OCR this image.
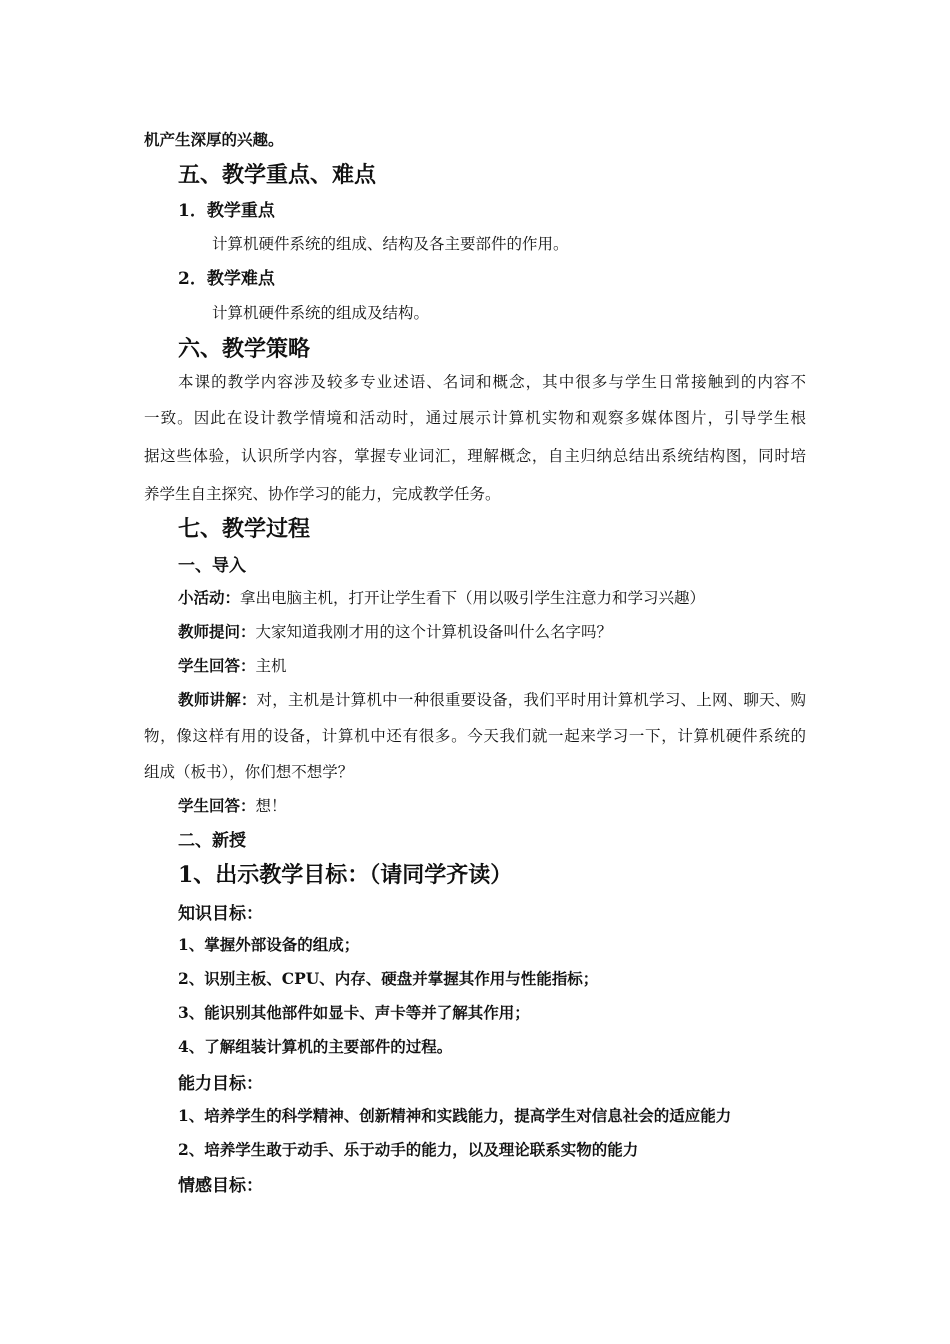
机产生深厚的兴趣。
五、教学重点、难点
1．教学重点
计算机硬件系统的组成、结构及各主要部件的作用。
2．教学难点
计算机硬件系统的组成及结构。
六、教学策略
本课的教学内容涉及较多专业述语、名词和概念，其中很多与学生日常接触到的内容不
一致。因此在设计教学情境和活动时，通过展示计算机实物和观察多媒体图片，引导学生根
据这些体验，认识所学内容，掌握专业词汇，理解概念，自主归纳总结出系统结构图，同时培
养学生自主探究、协作学习的能力，完成教学任务。
七、教学过程
一、导入
小活动：拿出电脑主机，打开让学生看下（用以吸引学生注意力和学习兴趣）
教师提问：大家知道我刚才用的这个计算机设备叫什么名字吗？
学生回答：主机
教师讲解：对，主机是计算机中一种很重要设备，我们平时用计算机学习、上网、聊天、购
物，像这样有用的设备，计算机中还有很多。今天我们就一起来学习一下，计算机硬件系统的
组成（板书），你们想不想学？
学生回答：想！
二、新授
1、出示教学目标：（请同学齐读）
知识目标：
1、掌握外部设备的组成；
2、识别主板、CPU、内存、硬盘并掌握其作用与性能指标；
3、能识别其他部件如显卡、声卡等并了解其作用；
4、了解组装计算机的主要部件的过程。
能力目标：
1、培养学生的科学精神、创新精神和实践能力，提高学生对信息社会的适应能力
2、培养学生敢于动手、乐于动手的能力，以及理论联系实物的能力
情感目标：
